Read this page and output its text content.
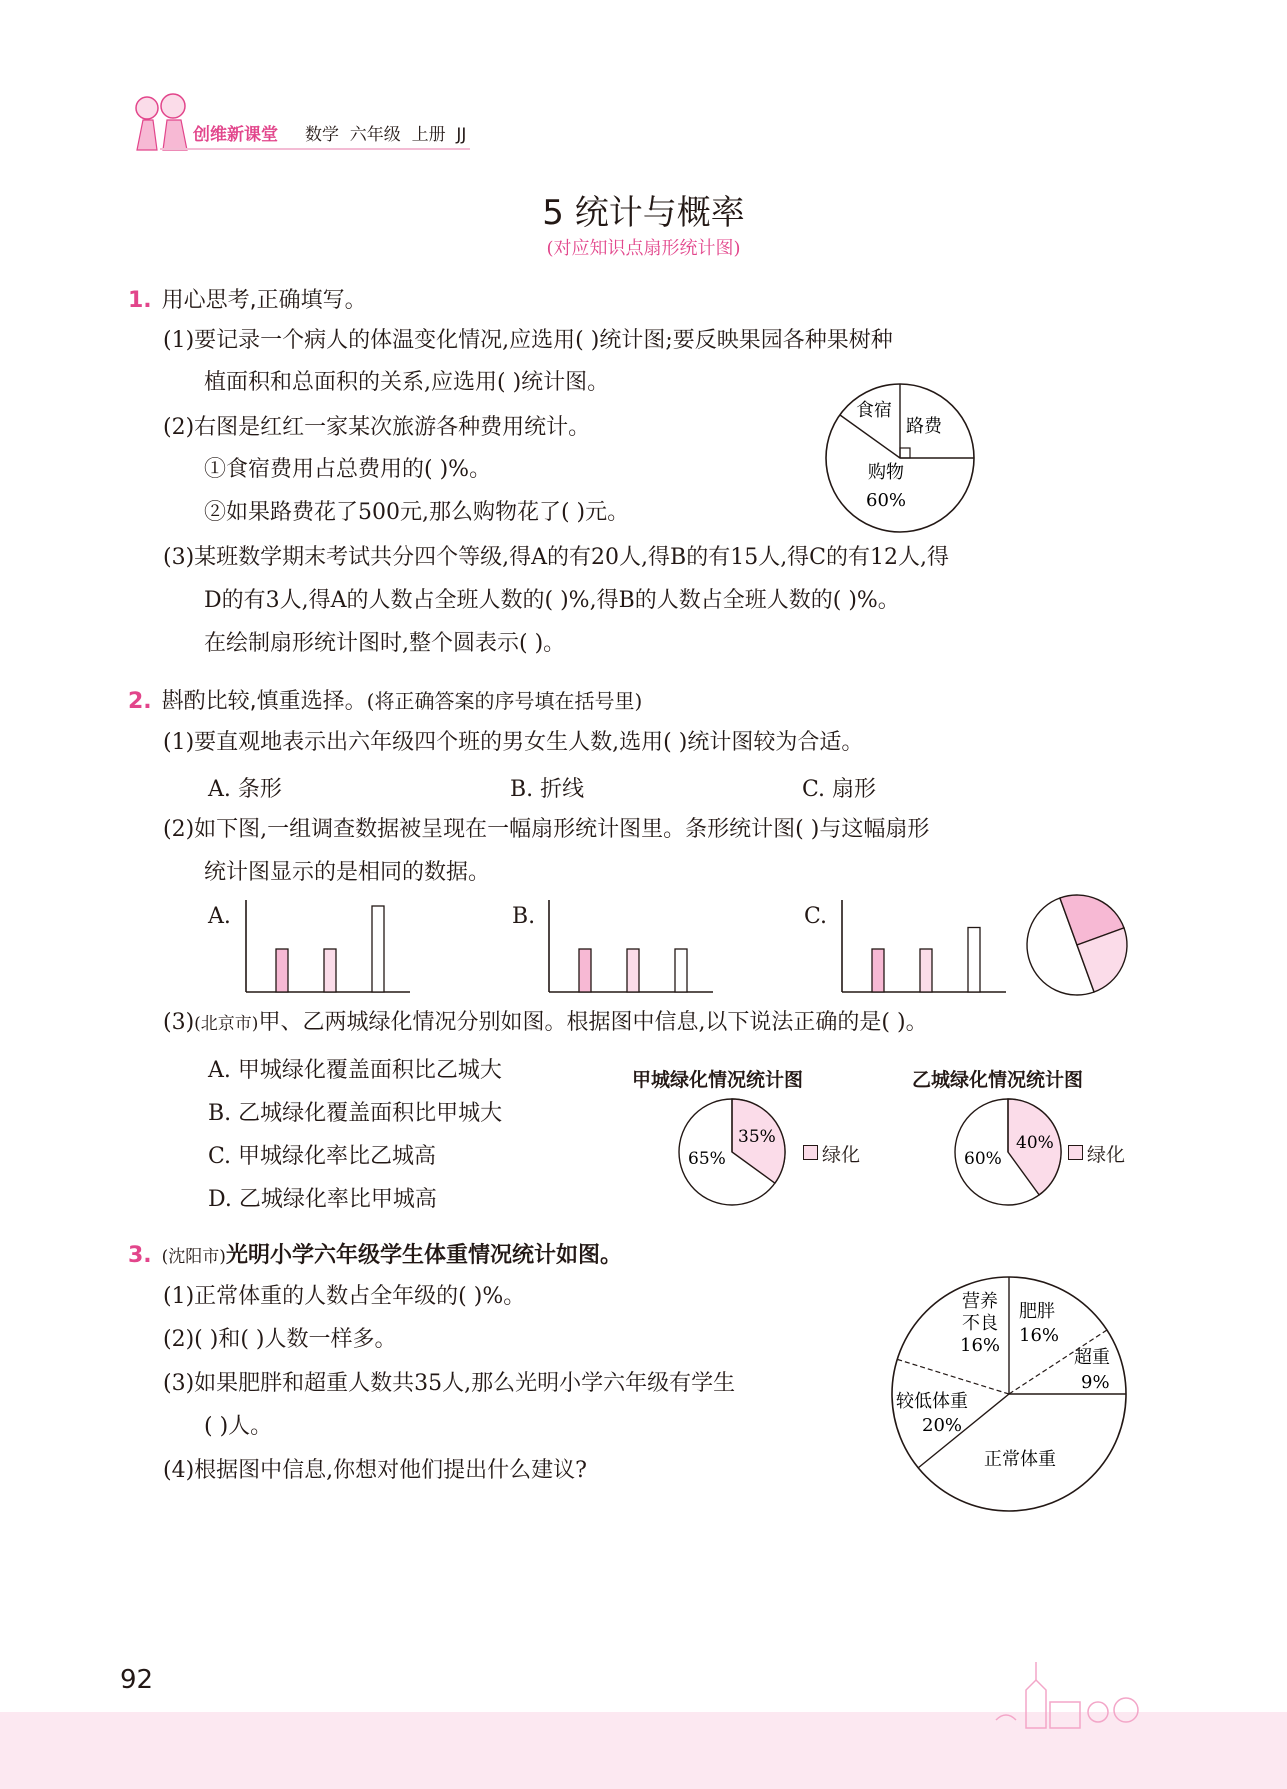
创维新课堂 数学  六年级  上册  JJ
5 统计与概率
(对应知识点扇形统计图)
1. 用心思考,正确填写。
(1)要记录一个病人的体温变化情况,应选用( )统计图;要反映果园各种果树种
植面积和总面积的关系,应选用( )统计图。
(2)右图是红红一家某次旅游各种费用统计。
①食宿费用占总费用的( )%。
②如果路费花了500元,那么购物花了( )元。
食宿
路费
购物
60%
(3)某班数学期末考试共分四个等级,得A的有20人,得B的有15人,得C的有12人,得
D的有3人,得A的人数占全班人数的( )%,得B的人数占全班人数的( )%。
在绘制扇形统计图时,整个圆表示( )。
2. 斟酌比较,慎重选择。(将正确答案的序号填在括号里)
(1)要直观地表示出六年级四个班的男女生人数,选用( )统计图较为合适。
A. 条形	B. 折线	C. 扇形
(2)如下图,一组调查数据被呈现在一幅扇形统计图里。条形统计图( )与这幅扇形
统计图显示的是相同的数据。
A.	B.	C.
(3)(北京市)甲、乙两城绿化情况分别如图。根据图中信息,以下说法正确的是( )。
A. 甲城绿化覆盖面积比乙城大
B. 乙城绿化覆盖面积比甲城大
C. 甲城绿化率比乙城高
D. 乙城绿化率比甲城高
甲城绿化情况统计图	乙城绿化情况统计图
35%
65%	绿化
40%
60%	绿化
3. (沈阳市)光明小学六年级学生体重情况统计如图。
(1)正常体重的人数占全年级的( )%。
(2)( )和( )人数一样多。
(3)如果肥胖和超重人数共35人,那么光明小学六年级有学生
( )人。
(4)根据图中信息,你想对他们提出什么建议?
营养
不良
16%
肥胖
16%
超重
9%
较低体重
20%
正常体重
92
